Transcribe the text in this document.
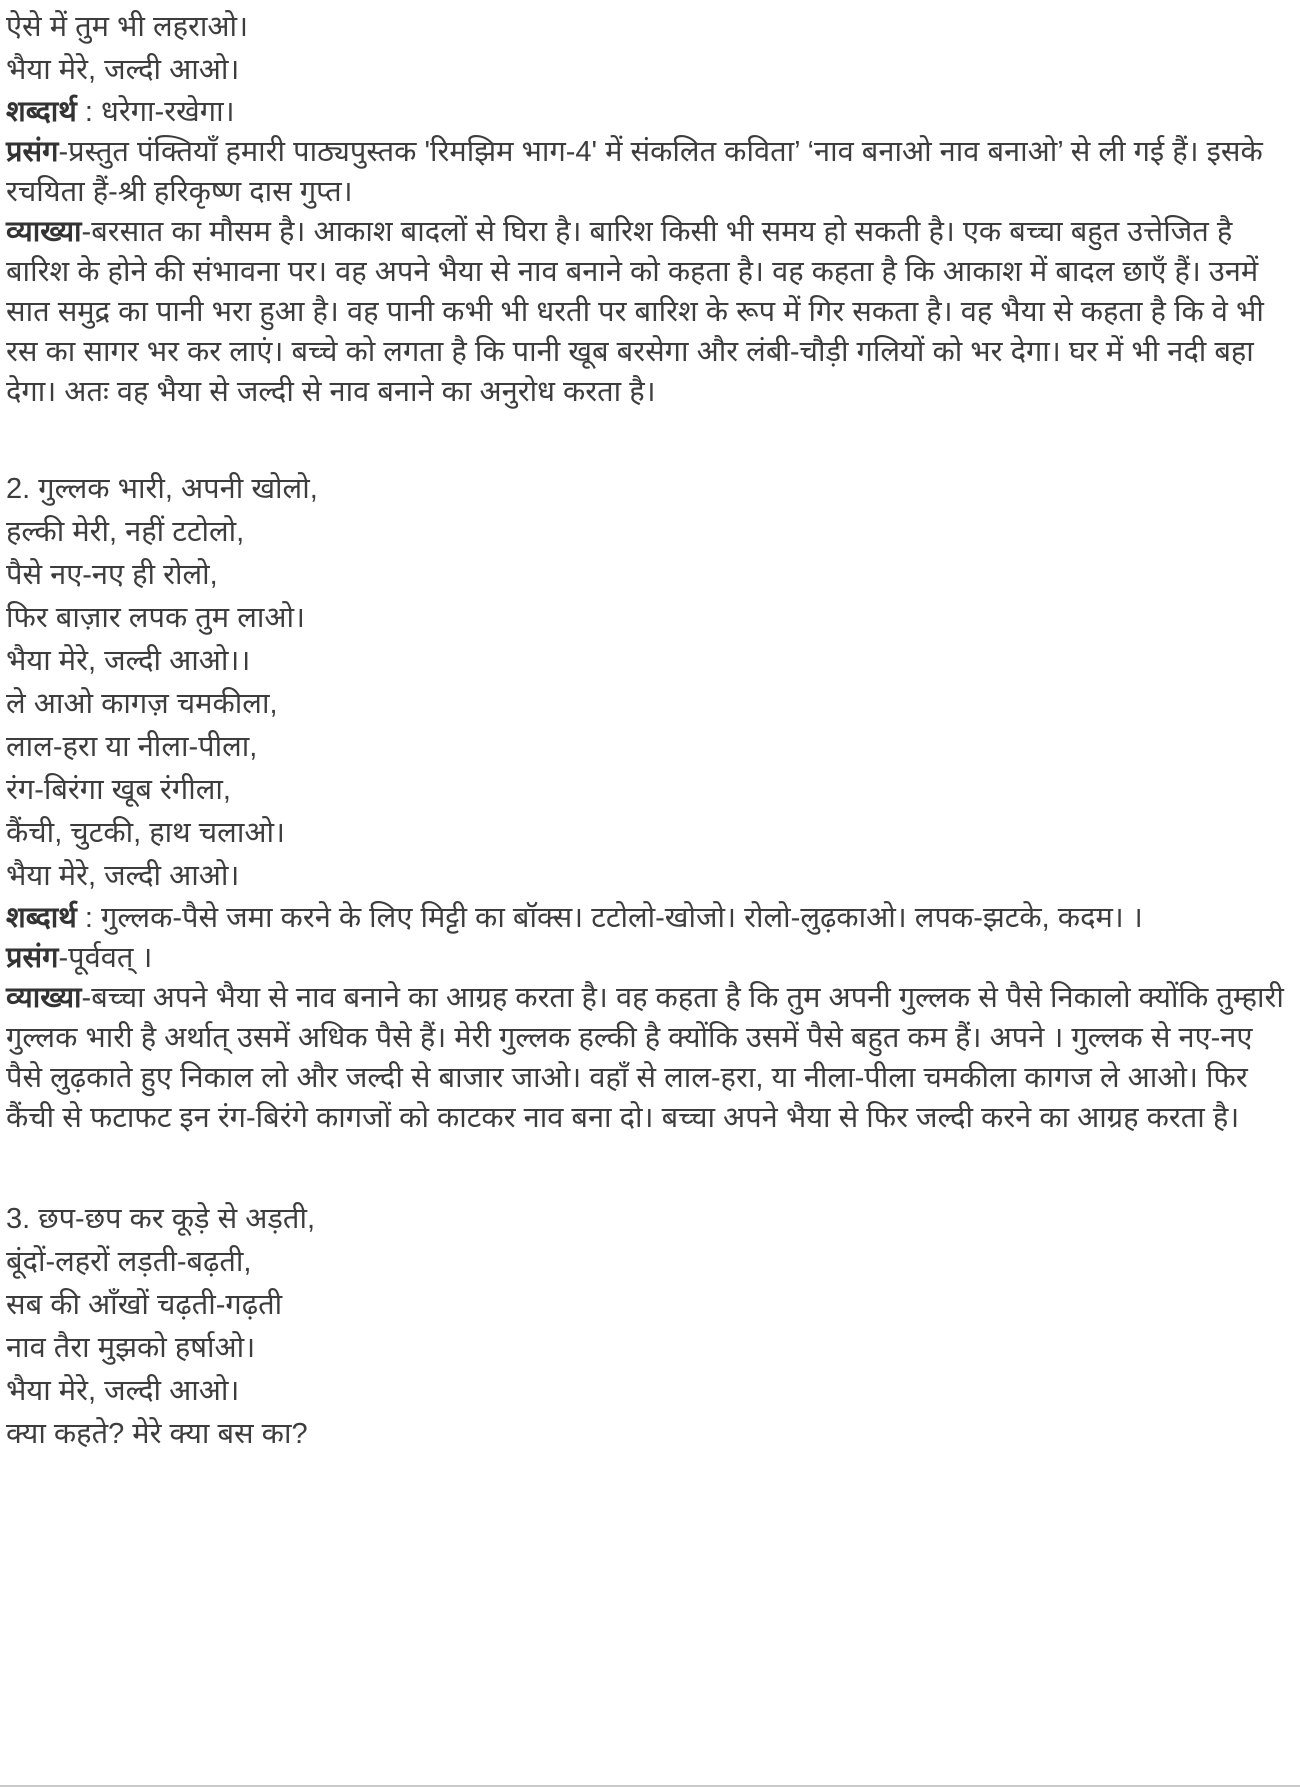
ऐसे में तुम भी लहराओ।
भैया मेरे, जल्दी आओ।

शब्दार्थ : धरेगा-रखेगा।

प्रसंग-प्रस्तुत पंक्तियाँ हमारी पाठ्यपुस्तक 'रिमझिम भाग-4' में संकलित कविता’ ‘नाव बनाओ नाव बनाओ’ से ली गई हैं। इसके रचयिता हैं-श्री हरिकृष्ण दास गुप्त।

व्याख्या-बरसात का मौसम है। आकाश बादलों से घिरा है। बारिश किसी भी समय हो सकती है। एक बच्चा बहुत उत्तेजित है बारिश के होने की संभावना पर। वह अपने भैया से नाव बनाने को कहता है। वह कहता है कि आकाश में बादल छाएँ हैं। उनमें सात समुद्र का पानी भरा हुआ है। वह पानी कभी भी धरती पर बारिश के रूप में गिर सकता है। वह भैया से कहता है कि वे भी रस का सागर भर कर लाएं। बच्चे को लगता है कि पानी खूब बरसेगा और लंबी-चौड़ी गलियों को भर देगा। घर में भी नदी बहा देगा। अतः वह भैया से जल्दी से नाव बनाने का अनुरोध करता है।

2. गुल्लक भारी, अपनी खोलो,
हल्की मेरी, नहीं टटोलो,
पैसे नए-नए ही रोलो,
फिर बाज़ार लपक तुम लाओ।
भैया मेरे, जल्दी आओ।।
ले आओ कागज़ चमकीला,
लाल-हरा या नीला-पीला,
रंग-बिरंगा खूब रंगीला,
कैंची, चुटकी, हाथ चलाओ।
भैया मेरे, जल्दी आओ।

शब्दार्थ : गुल्लक-पैसे जमा करने के लिए मिट्टी का बॉक्स। टटोलो-खोजो। रोलो-लुढ़काओ। लपक-झटके, कदम। ।

प्रसंग-पूर्ववत् ।

व्याख्या-बच्चा अपने भैया से नाव बनाने का आग्रह करता है। वह कहता है कि तुम अपनी गुल्लक से पैसे निकालो क्योंकि तुम्हारी गुल्लक भारी है अर्थात् उसमें अधिक पैसे हैं। मेरी गुल्लक हल्की है क्योंकि उसमें पैसे बहुत कम हैं। अपने । गुल्लक से नए-नए पैसे लुढ़काते हुए निकाल लो और जल्दी से बाजार जाओ। वहाँ से लाल-हरा, या नीला-पीला चमकीला कागज ले आओ। फिर कैंची से फटाफट इन रंग-बिरंगे कागजों को काटकर नाव बना दो। बच्चा अपने भैया से फिर जल्दी करने का आग्रह करता है।

3. छप-छप कर कूड़े से अड़ती,
बूंदों-लहरों लड़ती-बढ़ती,
सब की आँखों चढ़ती-गढ़ती
नाव तैरा मुझको हर्षाओ।
भैया मेरे, जल्दी आओ।
क्या कहते? मेरे क्या बस का?
